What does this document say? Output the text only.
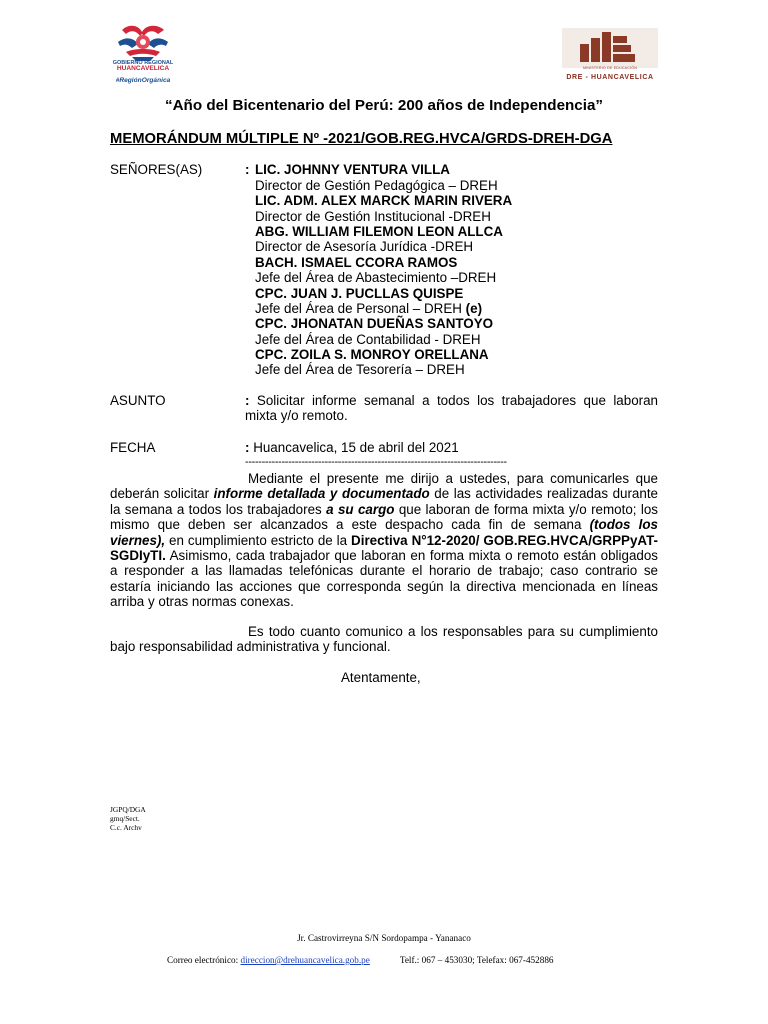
GOBIERNO REGIONAL
HUANCAVELICA
#RegiónOrgánica
MINISTERIO DE EDUCACIÓN
DRE - HUANCAVELICA
“Año del Bicentenario del Perú: 200 años de Independencia”
MEMORÁNDUM MÚLTIPLE Nº -2021/GOB.REG.HVCA/GRDS-DREH-DGA
SEÑORES(AS)	: LIC. JOHNNY VENTURA VILLA
Director de Gestión Pedagógica – DREH
LIC. ADM. ALEX MARCK MARIN RIVERA
Director de Gestión Institucional -DREH
ABG. WILLIAM FILEMON LEON ALLCA
Director de Asesoría Jurídica -DREH
BACH. ISMAEL CCORA RAMOS
Jefe del Área de Abastecimiento –DREH
CPC. JUAN J. PUCLLAS QUISPE
Jefe del Área de Personal – DREH (e)
CPC. JHONATAN DUEÑAS SANTOYO
Jefe del Área de Contabilidad - DREH
CPC. ZOILA S. MONROY ORELLANA
Jefe del Área de Tesorería – DREH
ASUNTO	: Solicitar informe semanal a todos los trabajadores que laboran mixta y/o remoto.
FECHA	: Huancavelica, 15 de abril del 2021
-------------------------------------------------------------------------------
Mediante el presente me dirijo a ustedes, para comunicarles que deberán solicitar informe detallada y documentado de las actividades realizadas durante la semana a todos los trabajadores a su cargo que laboran de forma mixta y/o remoto; los mismo que deben ser alcanzados a este despacho cada fin de semana (todos los viernes), en cumplimiento estricto de la Directiva N°12-2020/ GOB.REG.HVCA/GRPPyAT-SGDIyTI. Asimismo, cada trabajador que laboran en forma mixta o remoto están obligados a responder a las llamadas telefónicas durante el horario de trabajo; caso contrario se estaría iniciando las acciones que corresponda según la directiva mencionada en líneas arriba y otras normas conexas.
Es todo cuanto comunico a los responsables para su cumplimiento bajo responsabilidad administrativa y funcional.
Atentamente,
JGPQ/DGA
gmq/Sect.
C.c. Archv
Jr. Castrovirreyna S/N Sordopampa - Yananaco
Correo electrónico: direccion@drehuancavelica.gob.pe	Telf.: 067 – 453030; Telefax: 067-452886
